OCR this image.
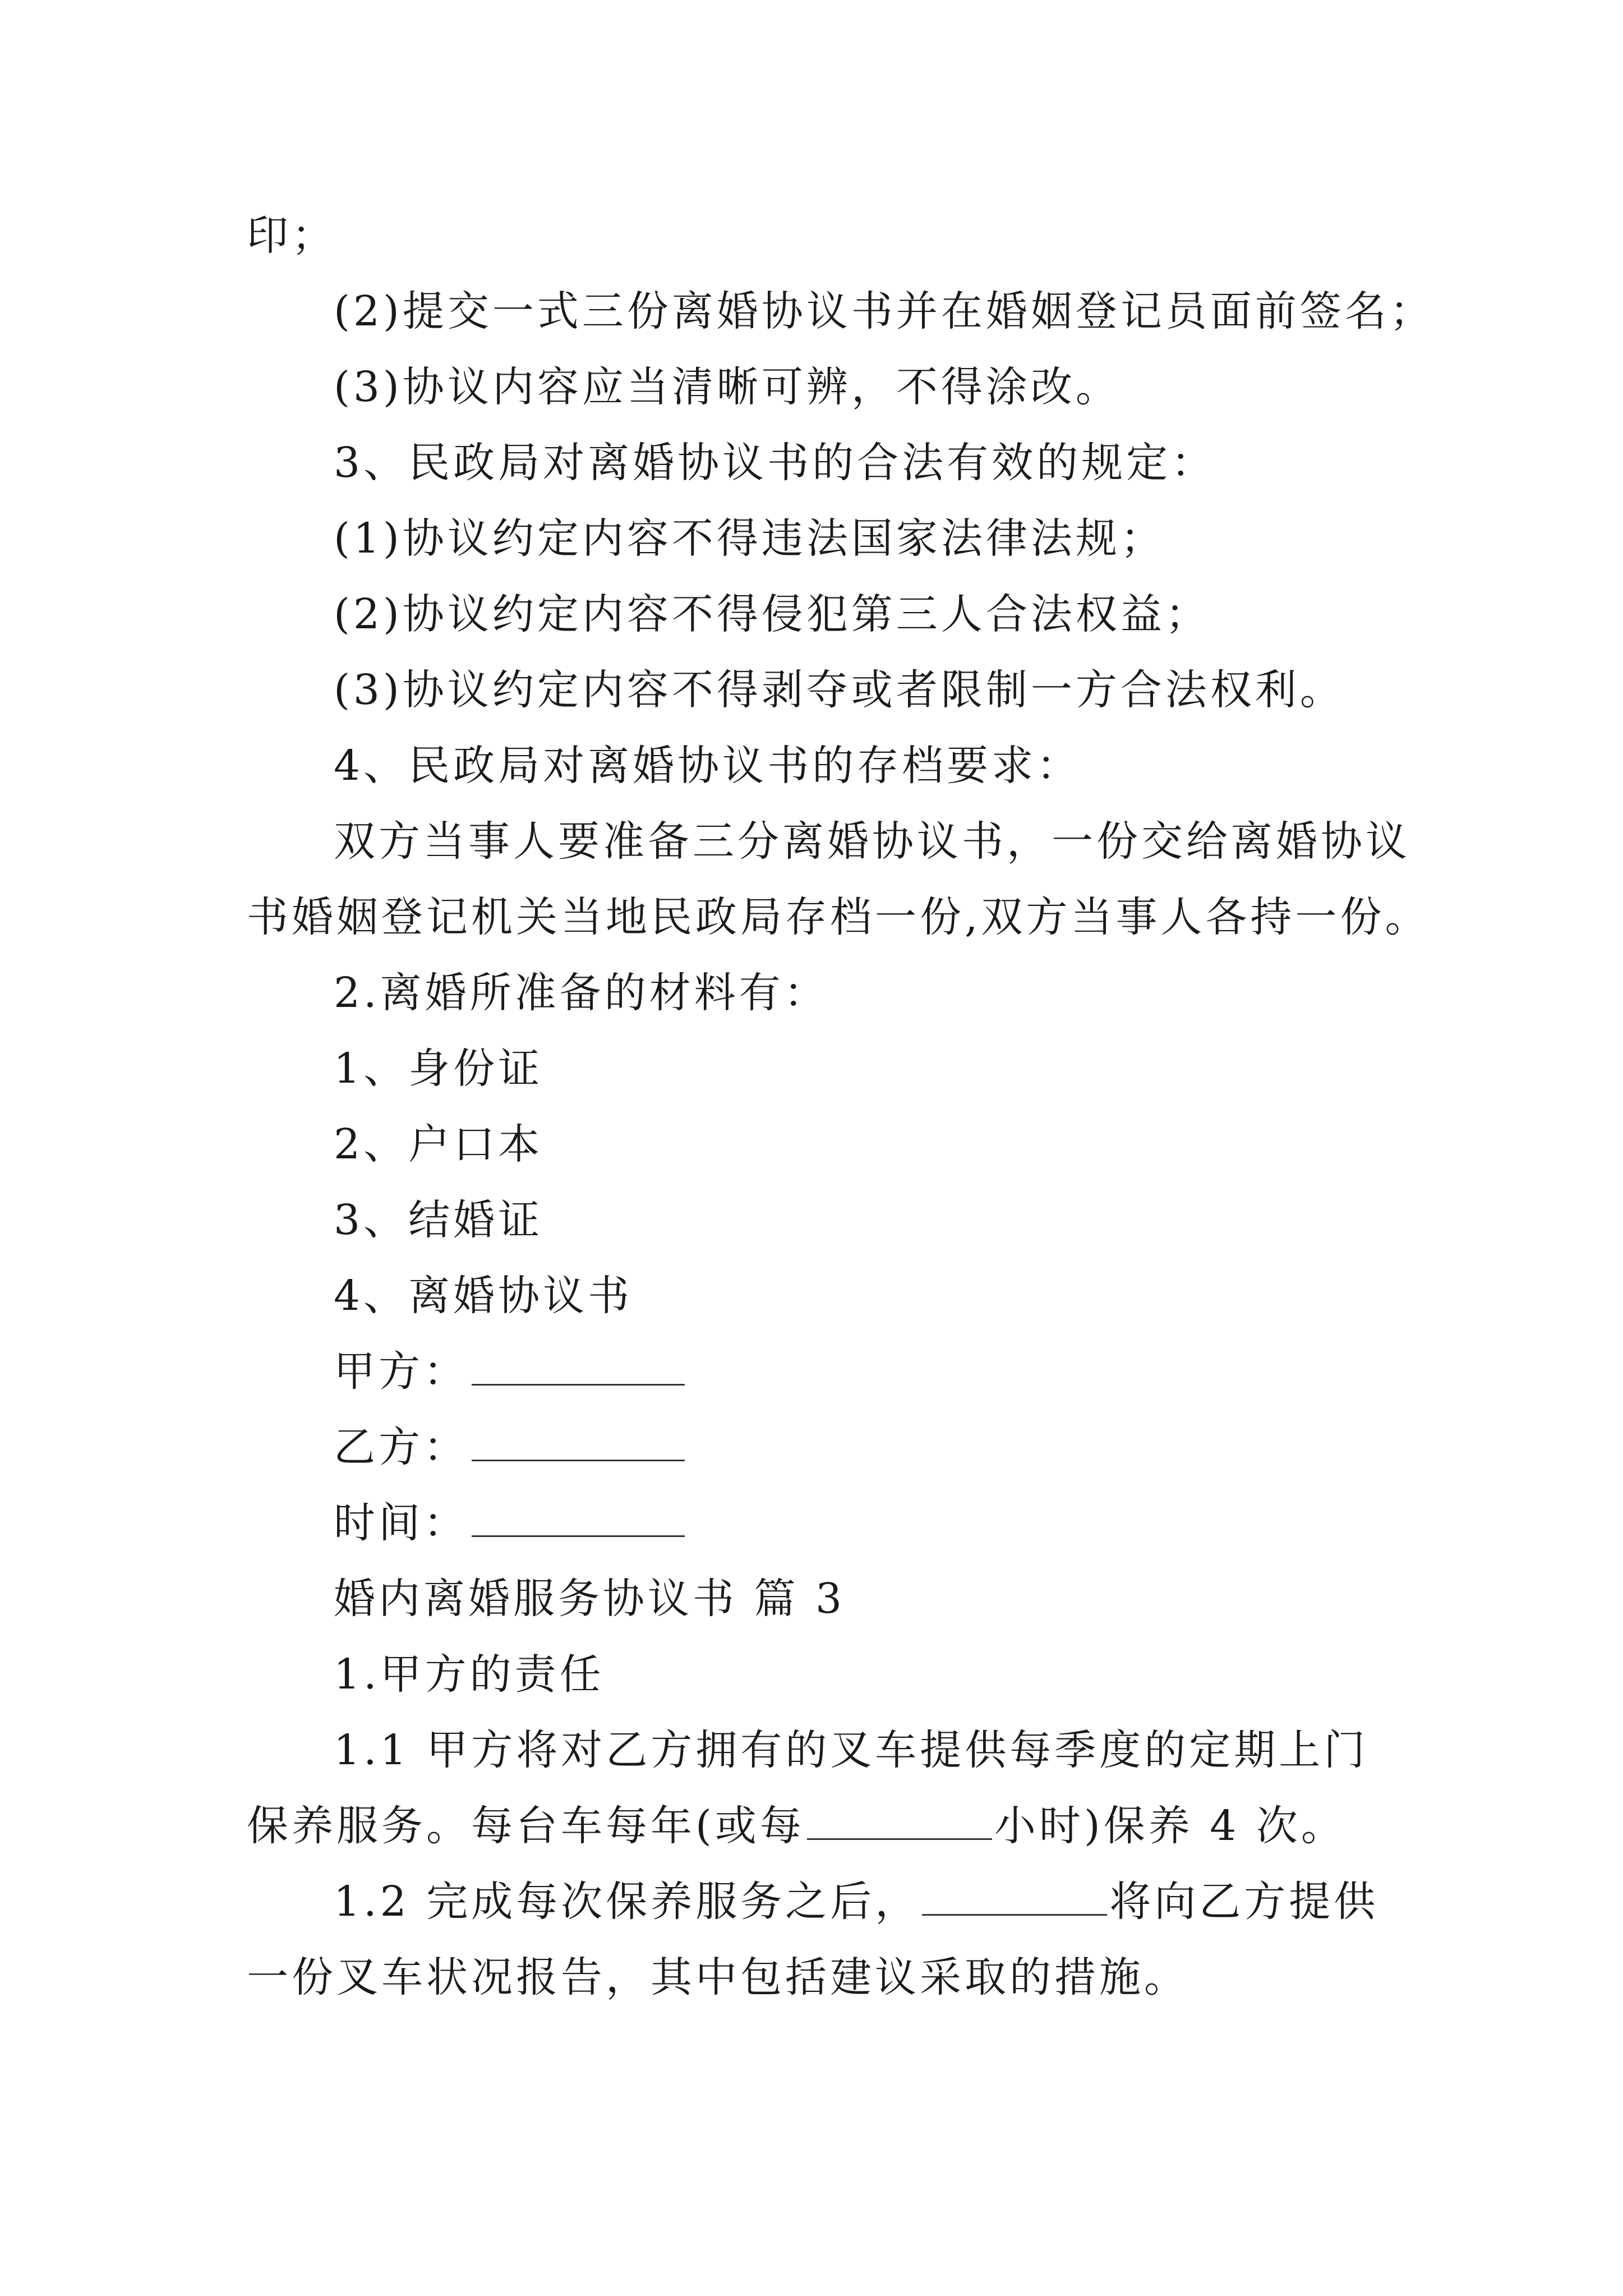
印；
(2)提交一式三份离婚协议书并在婚姻登记员面前签名；
(3)协议内容应当清晰可辨，不得涂改。
3、民政局对离婚协议书的合法有效的规定：
(1)协议约定内容不得违法国家法律法规；
(2)协议约定内容不得侵犯第三人合法权益；
(3)协议约定内容不得剥夺或者限制一方合法权利。
4、民政局对离婚协议书的存档要求：
双方当事人要准备三分离婚协议书，一份交给离婚协议
书婚姻登记机关当地民政局存档一份,双方当事人各持一份。
2.离婚所准备的材料有：
1、身份证
2、户口本
3、结婚证
4、离婚协议书
甲方：
乙方：
时间：
婚内离婚服务协议书 篇 3
1.甲方的责任
1.1 甲方将对乙方拥有的叉车提供每季度的定期上门
保养服务。每台车每年(或每	小时)保养 4 次。
1.2 完成每次保养服务之后，	将向乙方提供
一份叉车状况报告，其中包括建议采取的措施。
